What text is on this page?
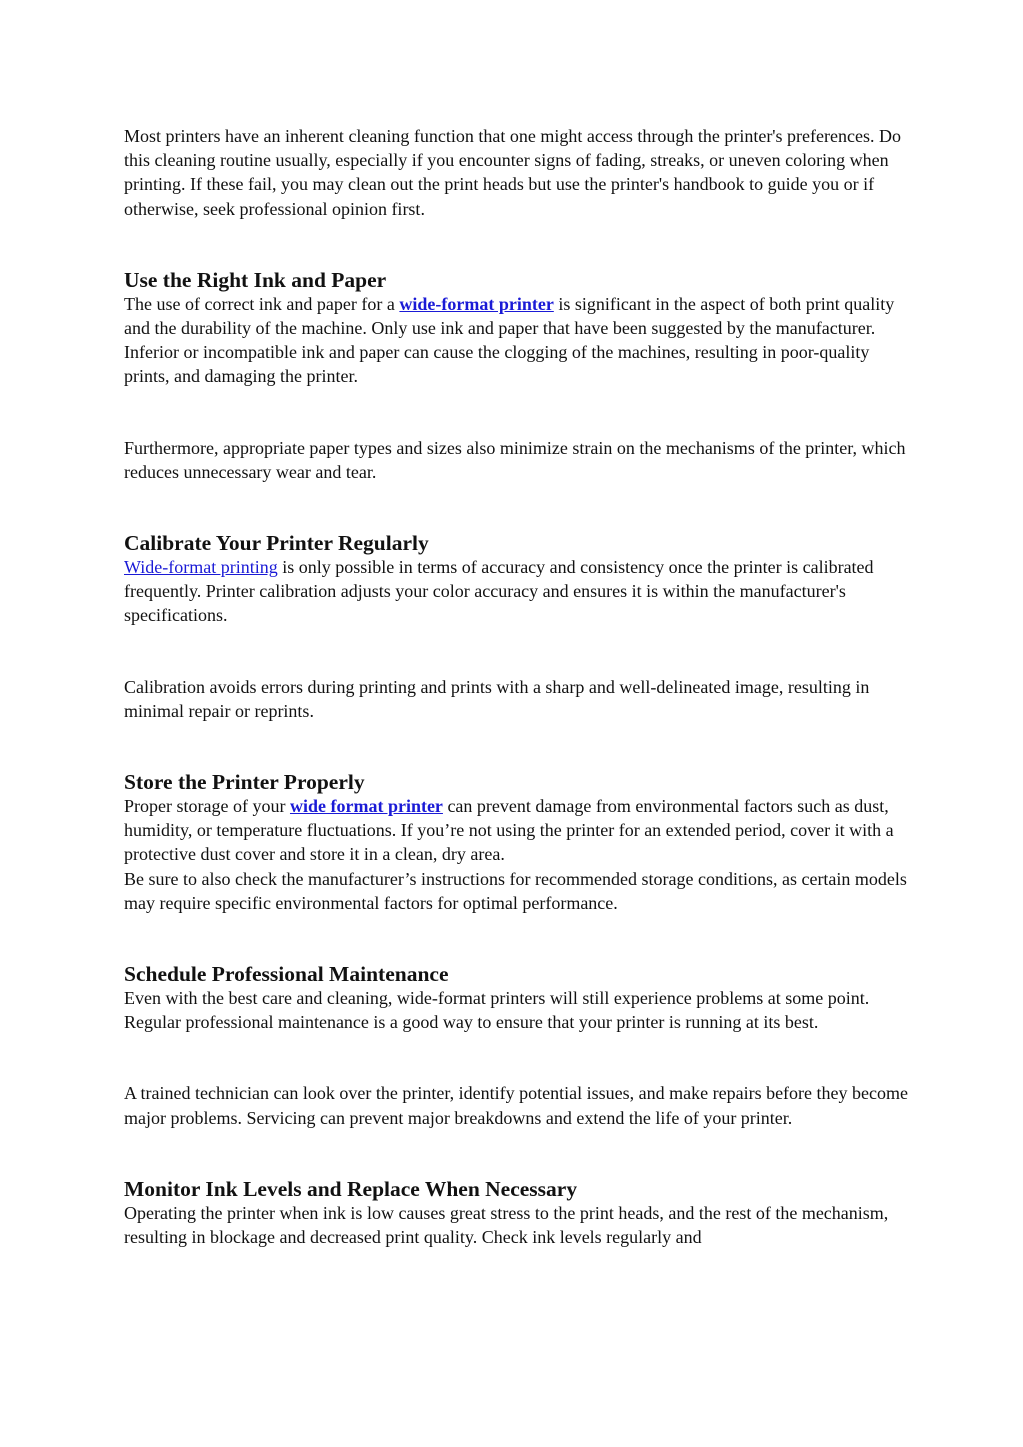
Most printers have an inherent cleaning function that one might access through the printer's preferences. Do this cleaning routine usually, especially if you encounter signs of fading, streaks, or uneven coloring when printing. If these fail, you may clean out the print heads but use the printer's handbook to guide you or if otherwise, seek professional opinion first.

Use the Right Ink and Paper

The use of correct ink and paper for a wide-format printer is significant in the aspect of both print quality and the durability of the machine. Only use ink and paper that have been suggested by the manufacturer. Inferior or incompatible ink and paper can cause the clogging of the machines, resulting in poor-quality prints, and damaging the printer.

Furthermore, appropriate paper types and sizes also minimize strain on the mechanisms of the printer, which reduces unnecessary wear and tear.

Calibrate Your Printer Regularly

Wide-format printing is only possible in terms of accuracy and consistency once the printer is calibrated frequently. Printer calibration adjusts your color accuracy and ensures it is within the manufacturer's specifications.

Calibration avoids errors during printing and prints with a sharp and well-delineated image, resulting in minimal repair or reprints.

Store the Printer Properly

Proper storage of your wide format printer can prevent damage from environmental factors such as dust, humidity, or temperature fluctuations. If you’re not using the printer for an extended period, cover it with a protective dust cover and store it in a clean, dry area.

Be sure to also check the manufacturer’s instructions for recommended storage conditions, as certain models may require specific environmental factors for optimal performance.

Schedule Professional Maintenance

Even with the best care and cleaning, wide-format printers will still experience problems at some point. Regular professional maintenance is a good way to ensure that your printer is running at its best.

A trained technician can look over the printer, identify potential issues, and make repairs before they become major problems. Servicing can prevent major breakdowns and extend the life of your printer.

Monitor Ink Levels and Replace When Necessary

Operating the printer when ink is low causes great stress to the print heads, and the rest of the mechanism, resulting in blockage and decreased print quality. Check ink levels regularly and
